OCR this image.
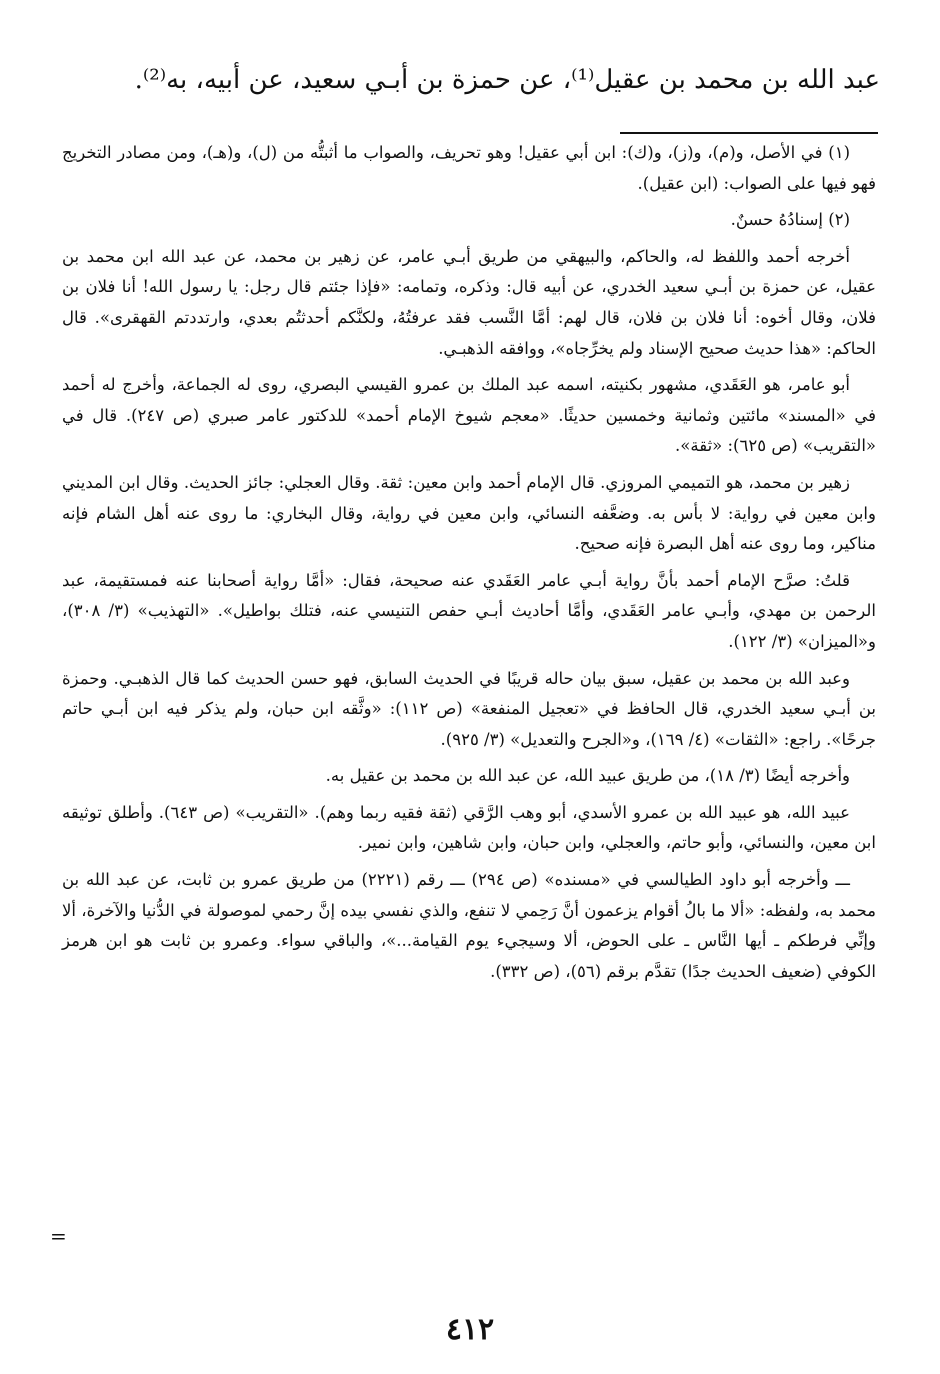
عبد الله بن محمد بن عقيل⁽¹⁾، عن حمزة بن أبـي سعيد، عن أبيه، به⁽²⁾.

(١) في الأصل، و(م)، و(ز)، و(ك): ابن أبي عقيل! وهو تحريف، والصواب ما أثبتُّه من (ل)، و(هـ)، ومن مصادر التخريج فهو فيها على الصواب: (ابن عقيل).

(٢) إسنادُهُ حسنٌ.

أخرجه أحمد واللفظ له، والحاكم، والبيهقي من طريق أبـي عامر، عن زهير بن محمد، عن عبد الله ابن محمد بن عقيل، عن حمزة بن أبـي سعيد الخدري، عن أبيه قال: وذكره، وتمامه: «فإذا جئتم قال رجل: يا رسول الله! أنا فلان بن فلان، وقال أخوه: أنا فلان بن فلان، قال لهم: أمَّا النَّسب فقد عرفتُهُ، ولكنَّكم أحدثتُم بعدي، وارتددتم القهقرى». قال الحاكم: «هذا حديث صحيح الإسناد ولم يخرِّجاه»، ووافقه الذهبـي.

أبو عامر، هو العَقَدي، مشهور بكنيته، اسمه عبد الملك بن عمرو القيسي البصري، روى له الجماعة، وأخرج له أحمد في «المسند» مائتين وثمانية وخمسين حديثًا. «معجم شيوخ الإمام أحمد» للدكتور عامر صبري (ص ٢٤٧). قال في «التقريب» (ص ٦٢٥): «ثقة».

زهير بن محمد، هو التميمي المروزي. قال الإمام أحمد وابن معين: ثقة. وقال العجلي: جائز الحديث. وقال ابن المديني وابن معين في رواية: لا بأس به. وضعَّفه النسائي، وابن معين في رواية، وقال البخاري: ما روى عنه أهل الشام فإنه مناكير، وما روى عنه أهل البصرة فإنه صحيح.

قلتُ: صرَّح الإمام أحمد بأنَّ رواية أبـي عامر العَقَدي عنه صحيحة، فقال: «أمَّا رواية أصحابنا عنه فمستقيمة، عبد الرحمن بن مهدي، وأبـي عامر العَقَدي، وأمَّا أحاديث أبـي حفص التنيسي عنه، فتلك بواطيل». «التهذيب» (٣/ ٣٠٨)، و«الميزان» (٣/ ١٢٢).

وعبد الله بن محمد بن عقيل، سبق بيان حاله قريبًا في الحديث السابق، فهو حسن الحديث كما قال الذهبـي. وحمزة بن أبـي سعيد الخدري، قال الحافظ في «تعجيل المنفعة» (ص ١١٢): «وثَّقه ابن حبان، ولم يذكر فيه ابن أبـي حاتم جرحًا». راجع: «الثقات» (٤/ ١٦٩)، و«الجرح والتعديل» (٣/ ٩٢٥).

وأخرجه أيضًا (٣/ ١٨)، من طريق عبيد الله، عن عبد الله بن محمد بن عقيل به.

عبيد الله، هو عبيد الله بن عمرو الأسدي، أبو وهب الرَّقي (ثقة فقيه ربما وهم). «التقريب» (ص ٦٤٣). وأطلق توثيقه ابن معين، والنسائي، وأبو حاتم، والعجلي، وابن حبان، وابن شاهين، وابن نمير.

ـــ وأخرجه أبو داود الطيالسي في «مسنده» (ص ٢٩٤) ـــ رقم (٢٢٢١) من طريق عمرو بن ثابت، عن عبد الله بن محمد به، ولفظه: «ألا ما بالُ أقوام يزعمون أنَّ رَحِمي لا تنفع، والذي نفسي بيده إنَّ رحمي لموصولة في الدُّنيا والآخرة، ألا وإنِّي فرطكم ـ أيها النَّاس ـ على الحوض، ألا وسيجيء يوم القيامة...»، والباقي سواء. وعمرو بن ثابت هو ابن هرمز الكوفي (ضعيف الحديث جدًا) تقدَّم برقم (٥٦)، (ص ٣٣٢).

=
٤١٢
